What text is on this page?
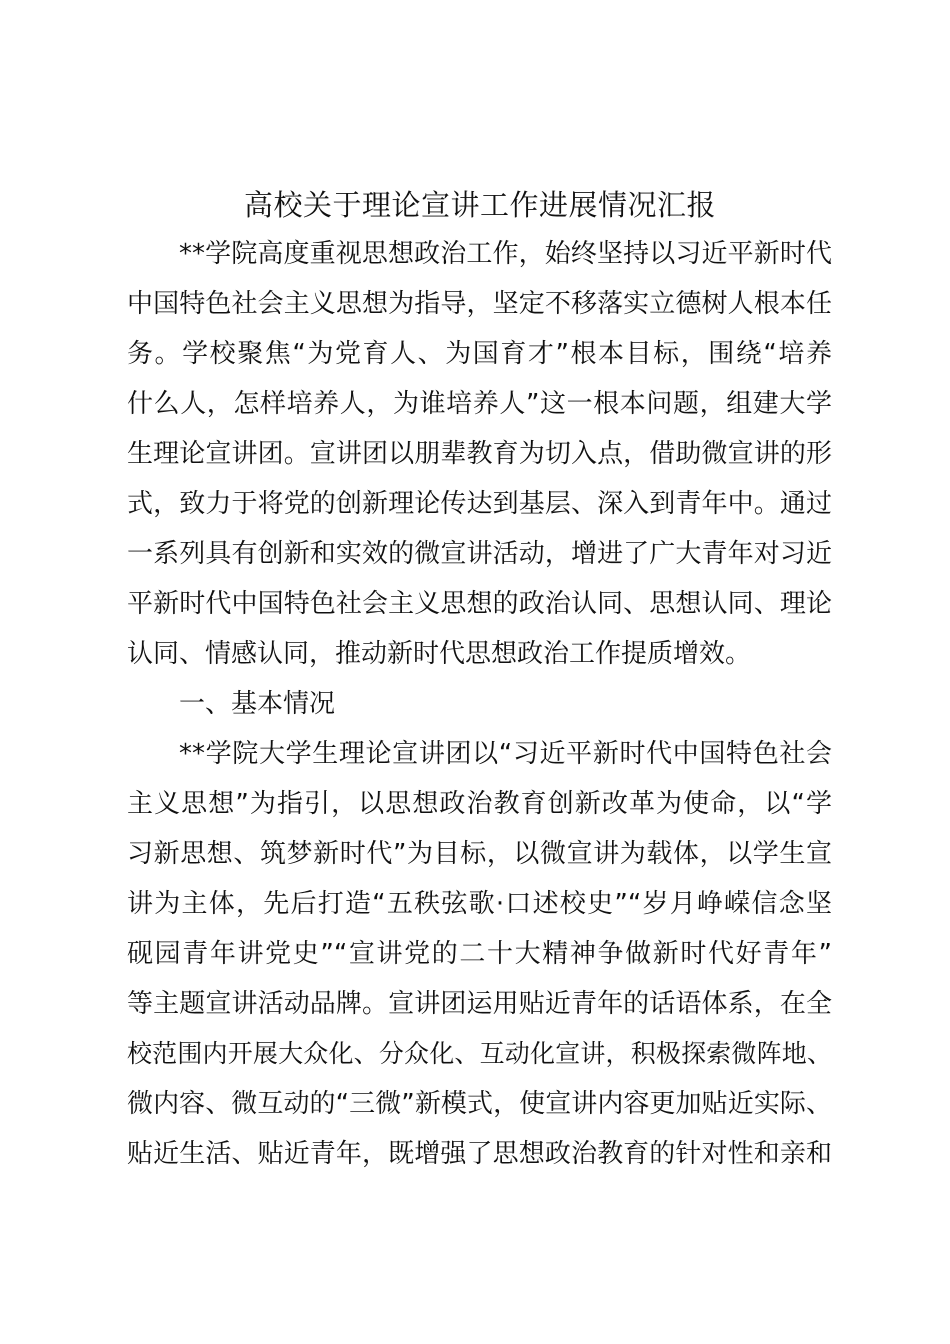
高校关于理论宣讲工作进展情况汇报
**学院高度重视思想政治工作，始终坚持以习近平新时代
中国特色社会主义思想为指导，坚定不移落实立德树人根本任
务。学校聚焦“为党育人、为国育才”根本目标，围绕“培养
什么人，怎样培养人，为谁培养人”这一根本问题，组建大学
生理论宣讲团。宣讲团以朋辈教育为切入点，借助微宣讲的形
式，致力于将党的创新理论传达到基层、深入到青年中。通过
一系列具有创新和实效的微宣讲活动，增进了广大青年对习近
平新时代中国特色社会主义思想的政治认同、思想认同、理论
认同、情感认同，推动新时代思想政治工作提质增效。
一、基本情况
**学院大学生理论宣讲团以“习近平新时代中国特色社会
主义思想”为指引，以思想政治教育创新改革为使命，以“学
习新思想、筑梦新时代”为目标，以微宣讲为载体，以学生宣
讲为主体，先后打造“五秩弦歌·口述校史”“岁月峥嵘信念坚
砚园青年讲党史”“宣讲党的二十大精神争做新时代好青年”
等主题宣讲活动品牌。宣讲团运用贴近青年的话语体系，在全
校范围内开展大众化、分众化、互动化宣讲，积极探索微阵地、
微内容、微互动的“三微”新模式，使宣讲内容更加贴近实际、
贴近生活、贴近青年，既增强了思想政治教育的针对性和亲和
